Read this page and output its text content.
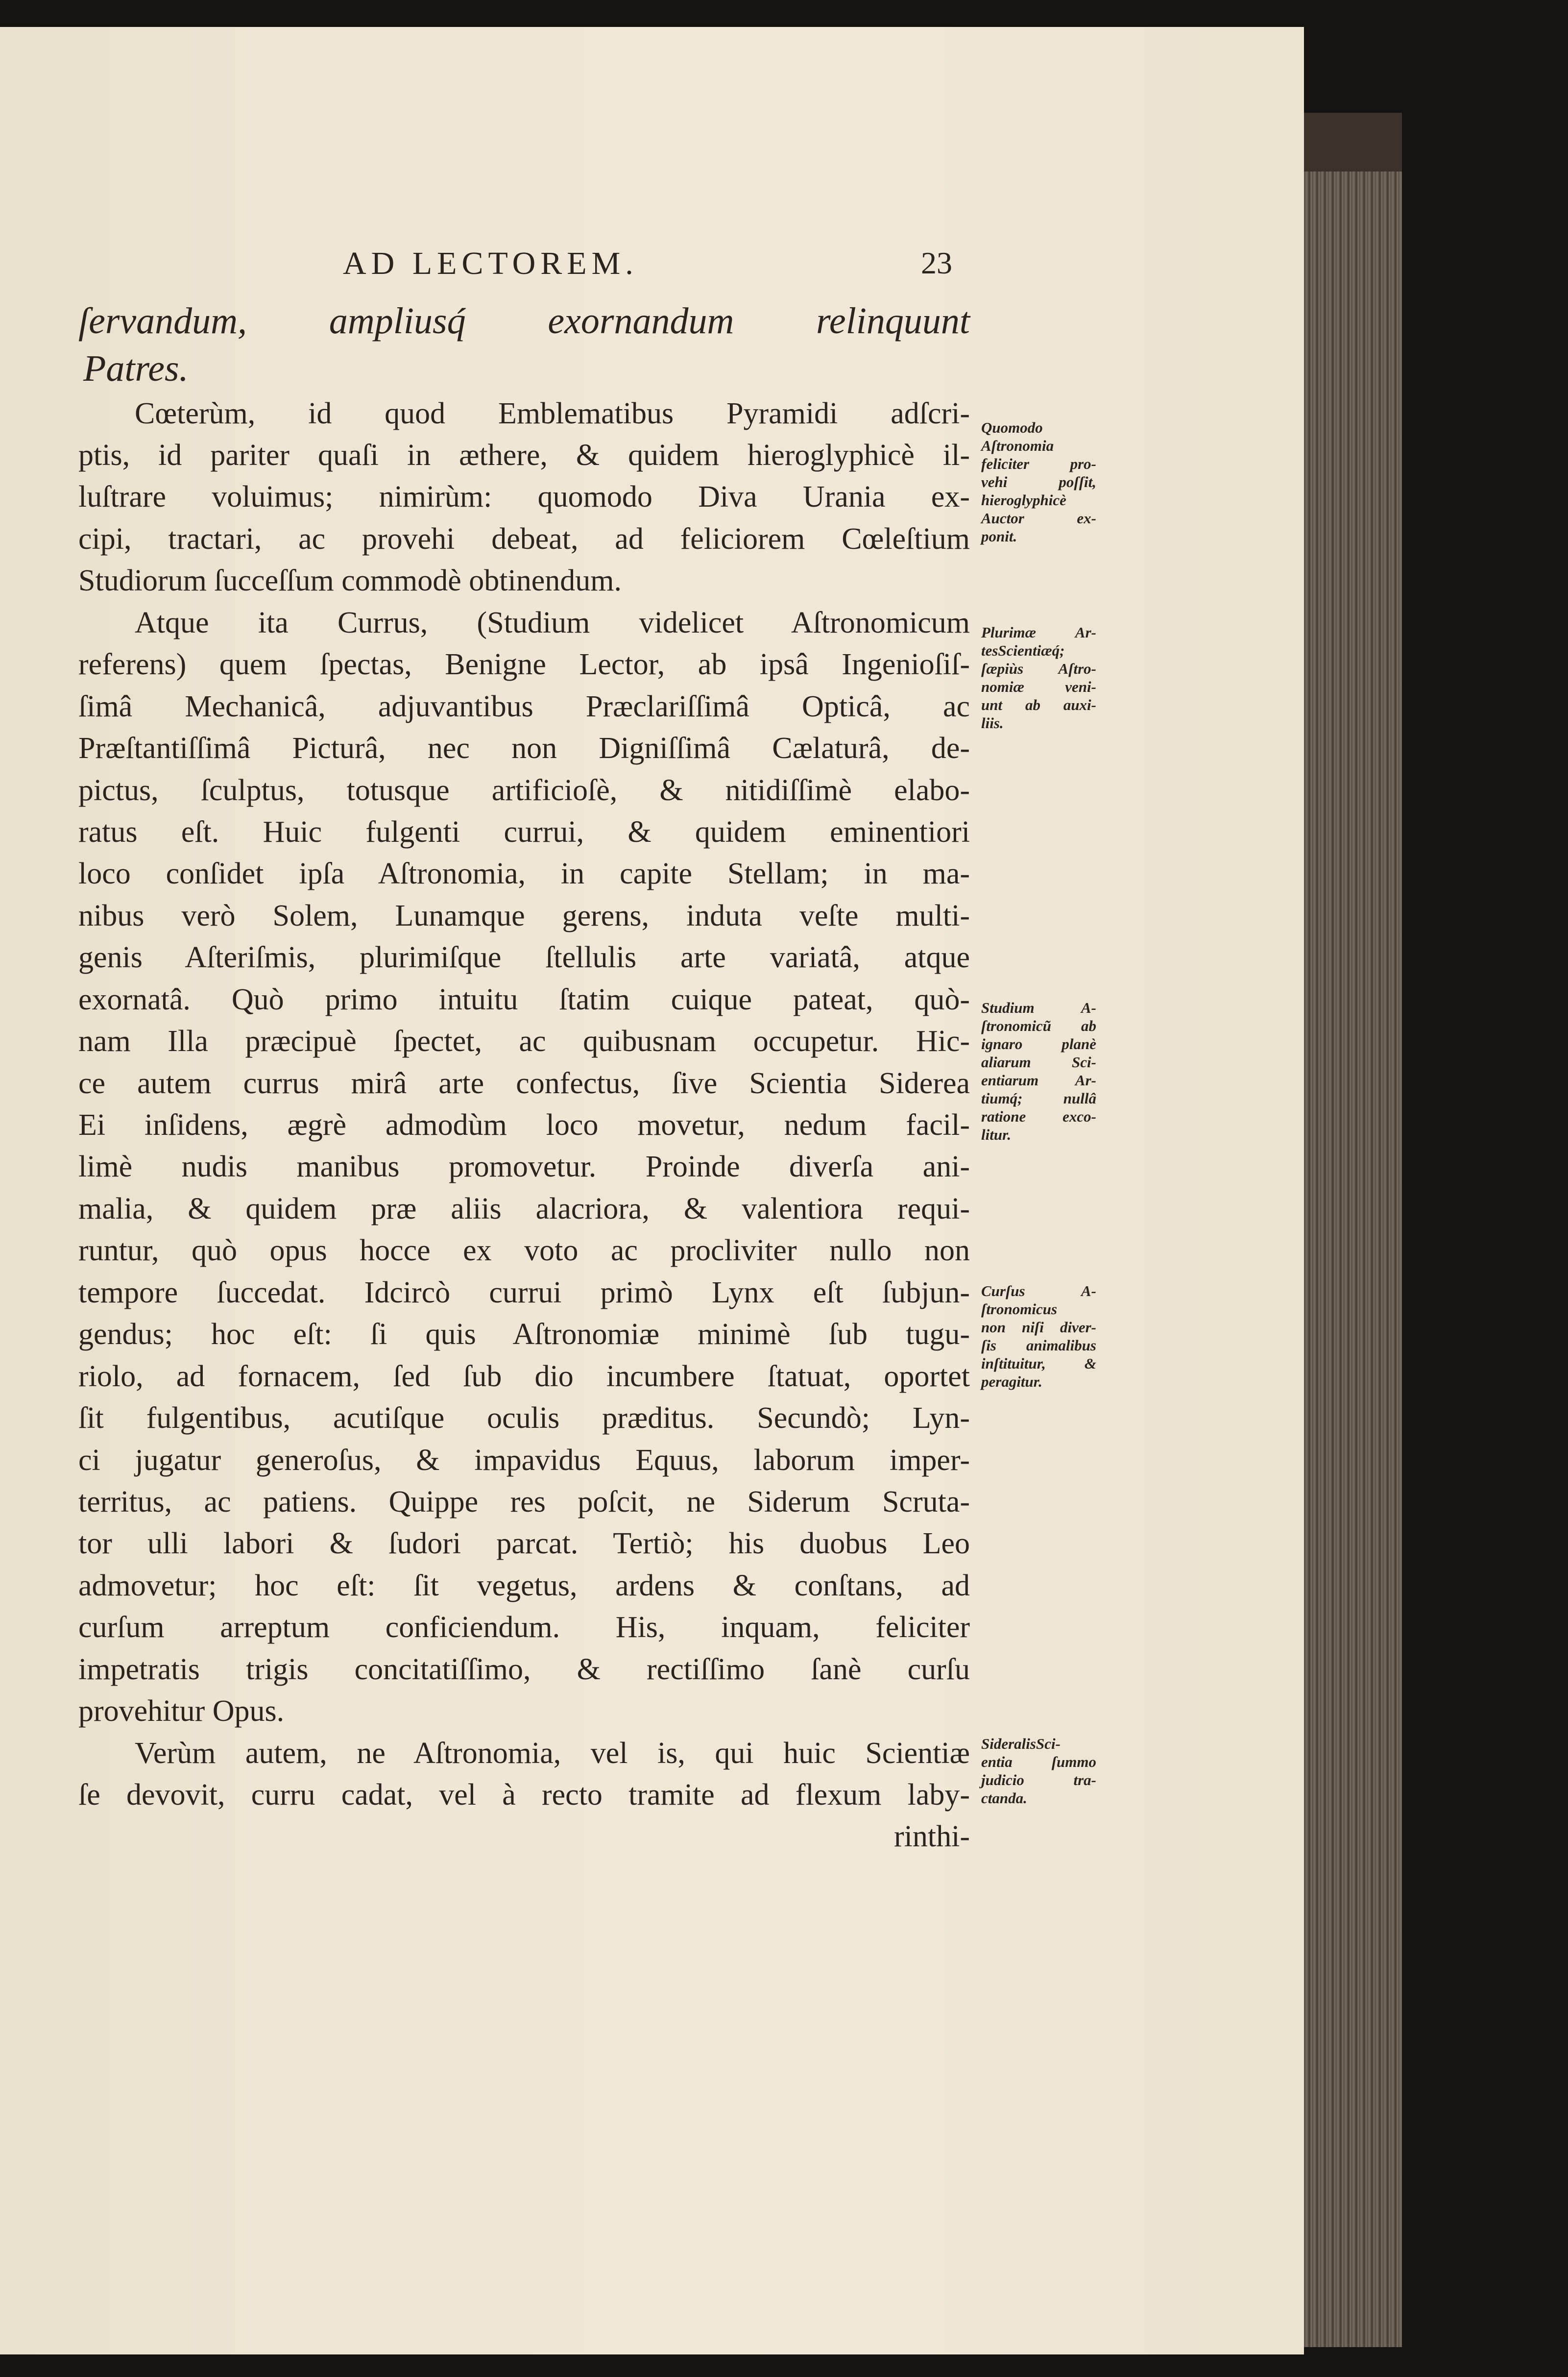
AD LECTOREM.	23
ſervandum, ampliusq́ exornandum relinquunt
Patres.
Cœterùm, id quod Emblematibus Pyramidi adſcri-
ptis, id pariter quaſi in æthere, & quidem hieroglyphicè il-
luſtrare voluimus; nimirùm: quomodo Diva Urania ex-
cipi, tractari, ac provehi debeat, ad feliciorem Cœleſtium
Studiorum ſucceſſum commodè obtinendum.
Atque ita Currus, (Studium videlicet Aſtronomicum
referens) quem ſpectas, Benigne Lector, ab ipsâ Ingenioſiſ-
ſimâ Mechanicâ, adjuvantibus Præclariſſimâ Opticâ, ac
Præſtantiſſimâ Picturâ, nec non Digniſſimâ Cælaturâ, de-
pictus, ſculptus, totusque artificioſè, & nitidiſſimè elabo-
ratus eſt. Huic fulgenti currui, & quidem eminentiori
loco conſidet ipſa Aſtronomia, in capite Stellam; in ma-
nibus verò Solem, Lunamque gerens, induta veſte multi-
genis Aſteriſmis, plurimiſque ſtellulis arte variatâ, atque
exornatâ. Quò primo intuitu ſtatim cuique pateat, quò-
nam Illa præcipuè ſpectet, ac quibusnam occupetur. Hic-
ce autem currus mirâ arte confectus, ſive Scientia Siderea
Ei inſidens, ægrè admodùm loco movetur, nedum facil-
limè nudis manibus promovetur. Proinde diverſa ani-
malia, & quidem præ aliis alacriora, & valentiora requi-
runtur, quò opus hocce ex voto ac procliviter nullo non
tempore ſuccedat. Idcircò currui primò Lynx eſt ſubjun-
gendus; hoc eſt: ſi quis Aſtronomiæ minimè ſub tugu-
riolo, ad fornacem, ſed ſub dio incumbere ſtatuat, oportet
ſit fulgentibus, acutiſque oculis præditus. Secundò; Lyn-
ci jugatur generoſus, & impavidus Equus, laborum imper-
territus, ac patiens. Quippe res poſcit, ne Siderum Scruta-
tor ulli labori & ſudori parcat. Tertiò; his duobus Leo
admovetur; hoc eſt: ſit vegetus, ardens & conſtans, ad
curſum arreptum conficiendum. His, inquam, feliciter
impetratis trigis concitatiſſimo, & rectiſſimo ſanè curſu
provehitur Opus.
Verùm autem, ne Aſtronomia, vel is, qui huic Scientiæ
ſe devovit, curru cadat, vel à recto tramite ad flexum laby-
rinthi-
Quomodo
Aſtronomia
feliciter pro-
vehi poſſit,
hieroglyphicè
Auctor ex-
ponit.
Plurimæ Ar-
tesScientiæq́;
ſæpiùs Aſtro-
nomiæ veni-
unt ab auxi-
liis.
Studium A-
ſtronomicũ ab
ignaro planè
aliarum Sci-
entiarum Ar-
tiumq́; nullâ
ratione exco-
litur.
Curſus A-
ſtronomicus
non niſi diver-
ſis animalibus
inſtituitur, &
peragitur.
SideralisSci-
entia ſummo
judicio tra-
ctanda.
